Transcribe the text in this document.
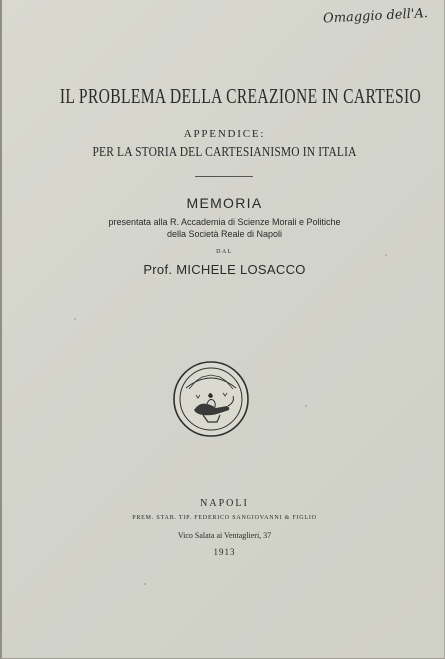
Omaggio dell'A.
IL PROBLEMA DELLA CREAZIONE IN CARTESIO
APPENDICE:
PER LA STORIA DEL CARTESIANISMO IN ITALIA
MEMORIA
presentata alla R. Accademia di Scienze Morali e Politiche
della Società Reale di Napoli
DAL
Prof. MICHELE LOSACCO
NAPOLI
PREM. STAB. TIP. FEDERICO SANGIOVANNI & FIGLIO
Vico Salata ai Ventaglieri, 37
1913
